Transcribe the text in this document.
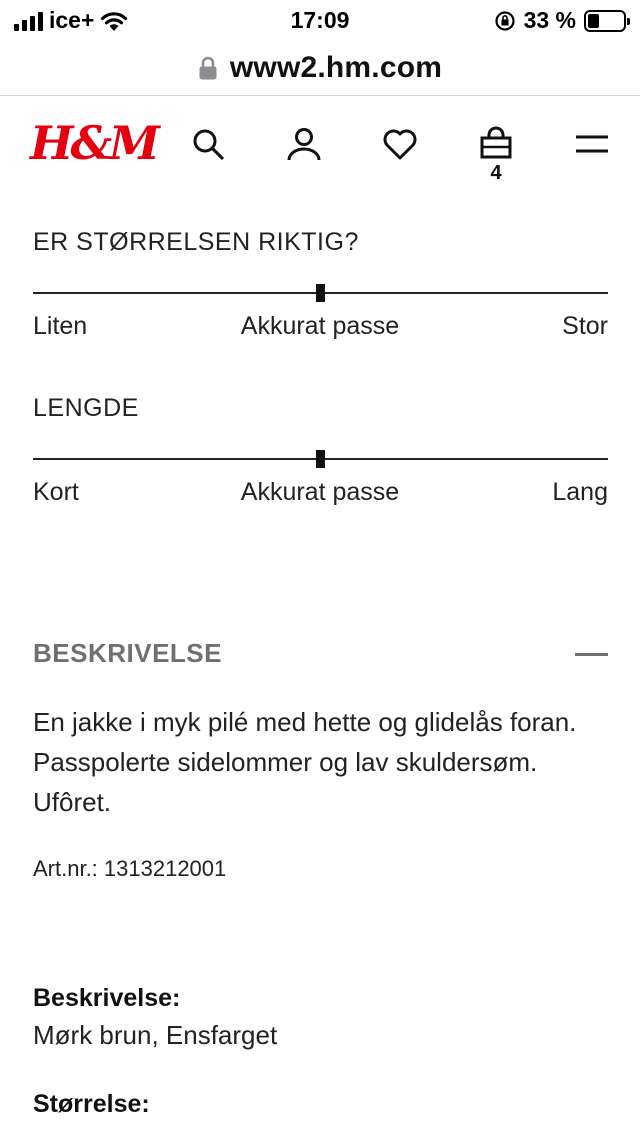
ice+	17:09	33 %
www2.hm.com
H&M
4
ER STØRRELSEN RIKTIG?
Liten	Akkurat passe	Stor
LENGDE
Kort	Akkurat passe	Lang
BESKRIVELSE
En jakke i myk pilé med hette og glidelås foran. Passpolerte sidelommer og lav skuldersøm. Ufôret.
Art.nr.: 1313212001
Beskrivelse:
Mørk brun, Ensfarget
Størrelse:
